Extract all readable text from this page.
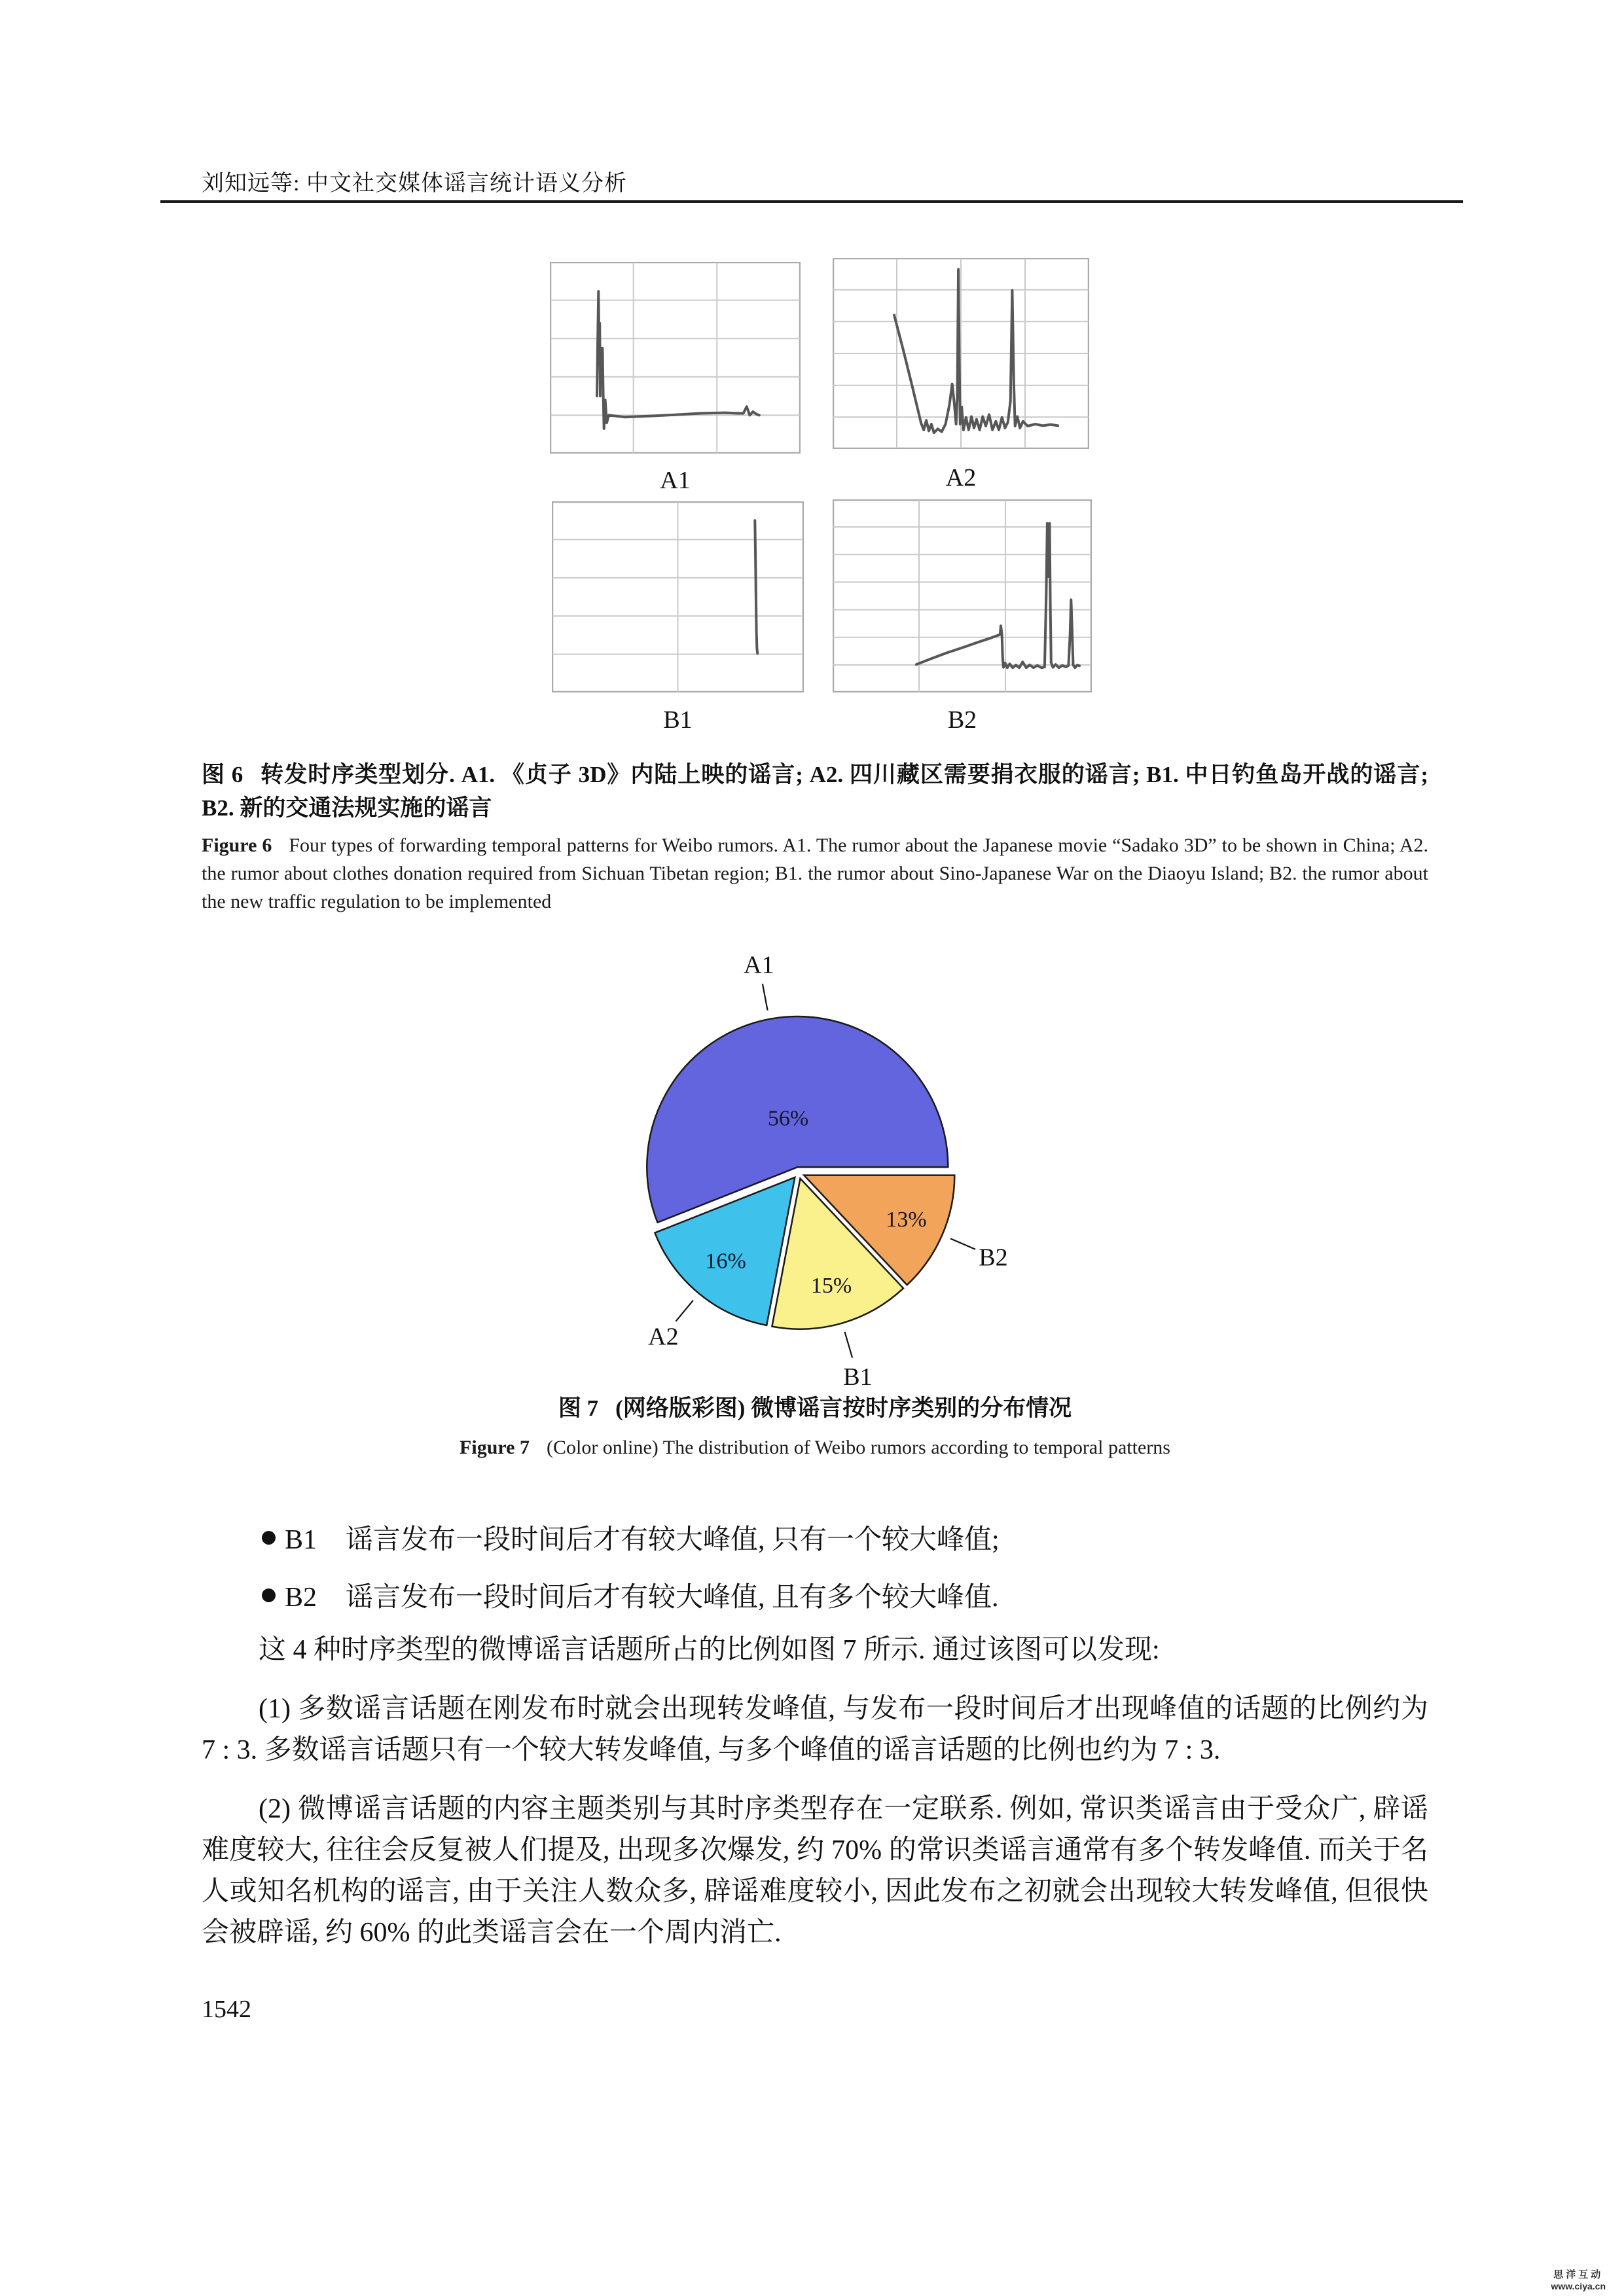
刘知远等: 中文社交媒体谣言统计语义分析
A1	A2
B1	B2
图 6 转发时序类型划分. A1. 《贞子 3D》内陆上映的谣言; A2. 四川藏区需要捐衣服的谣言; B1. 中日钓鱼岛开战的谣言; B2. 新的交通法规实施的谣言
Figure 6 Four types of forwarding temporal patterns for Weibo rumors. A1. The rumor about the Japanese movie “Sadako 3D” to be shown in China; A2. the rumor about clothes donation required from Sichuan Tibetan region; B1. the rumor about Sino-Japanese War on the Diaoyu Island; B2. the rumor about the new traffic regulation to be implemented
13%
B2
15%
B1
16%
A2
56%
A1
图 7 (网络版彩图) 微博谣言按时序类别的分布情况
Figure 7 (Color online) The distribution of Weibo rumors according to temporal patterns
B1 谣言发布一段时间后才有较大峰值, 只有一个较大峰值;
B2 谣言发布一段时间后才有较大峰值, 且有多个较大峰值.
这 4 种时序类型的微博谣言话题所占的比例如图 7 所示. 通过该图可以发现:
(1) 多数谣言话题在刚发布时就会出现转发峰值, 与发布一段时间后才出现峰值的话题的比例约为 7 : 3. 多数谣言话题只有一个较大转发峰值, 与多个峰值的谣言话题的比例也约为 7 : 3.
(2) 微博谣言话题的内容主题类别与其时序类型存在一定联系. 例如, 常识类谣言由于受众广, 辟谣难度较大, 往往会反复被人们提及, 出现多次爆发, 约 70% 的常识类谣言通常有多个转发峰值. 而关于名人或知名机构的谣言, 由于关注人数众多, 辟谣难度较小, 因此发布之初就会出现较大转发峰值, 但很快会被辟谣, 约 60% 的此类谣言会在一个周内消亡.
1542
思洋互动
www.ciya.cn
